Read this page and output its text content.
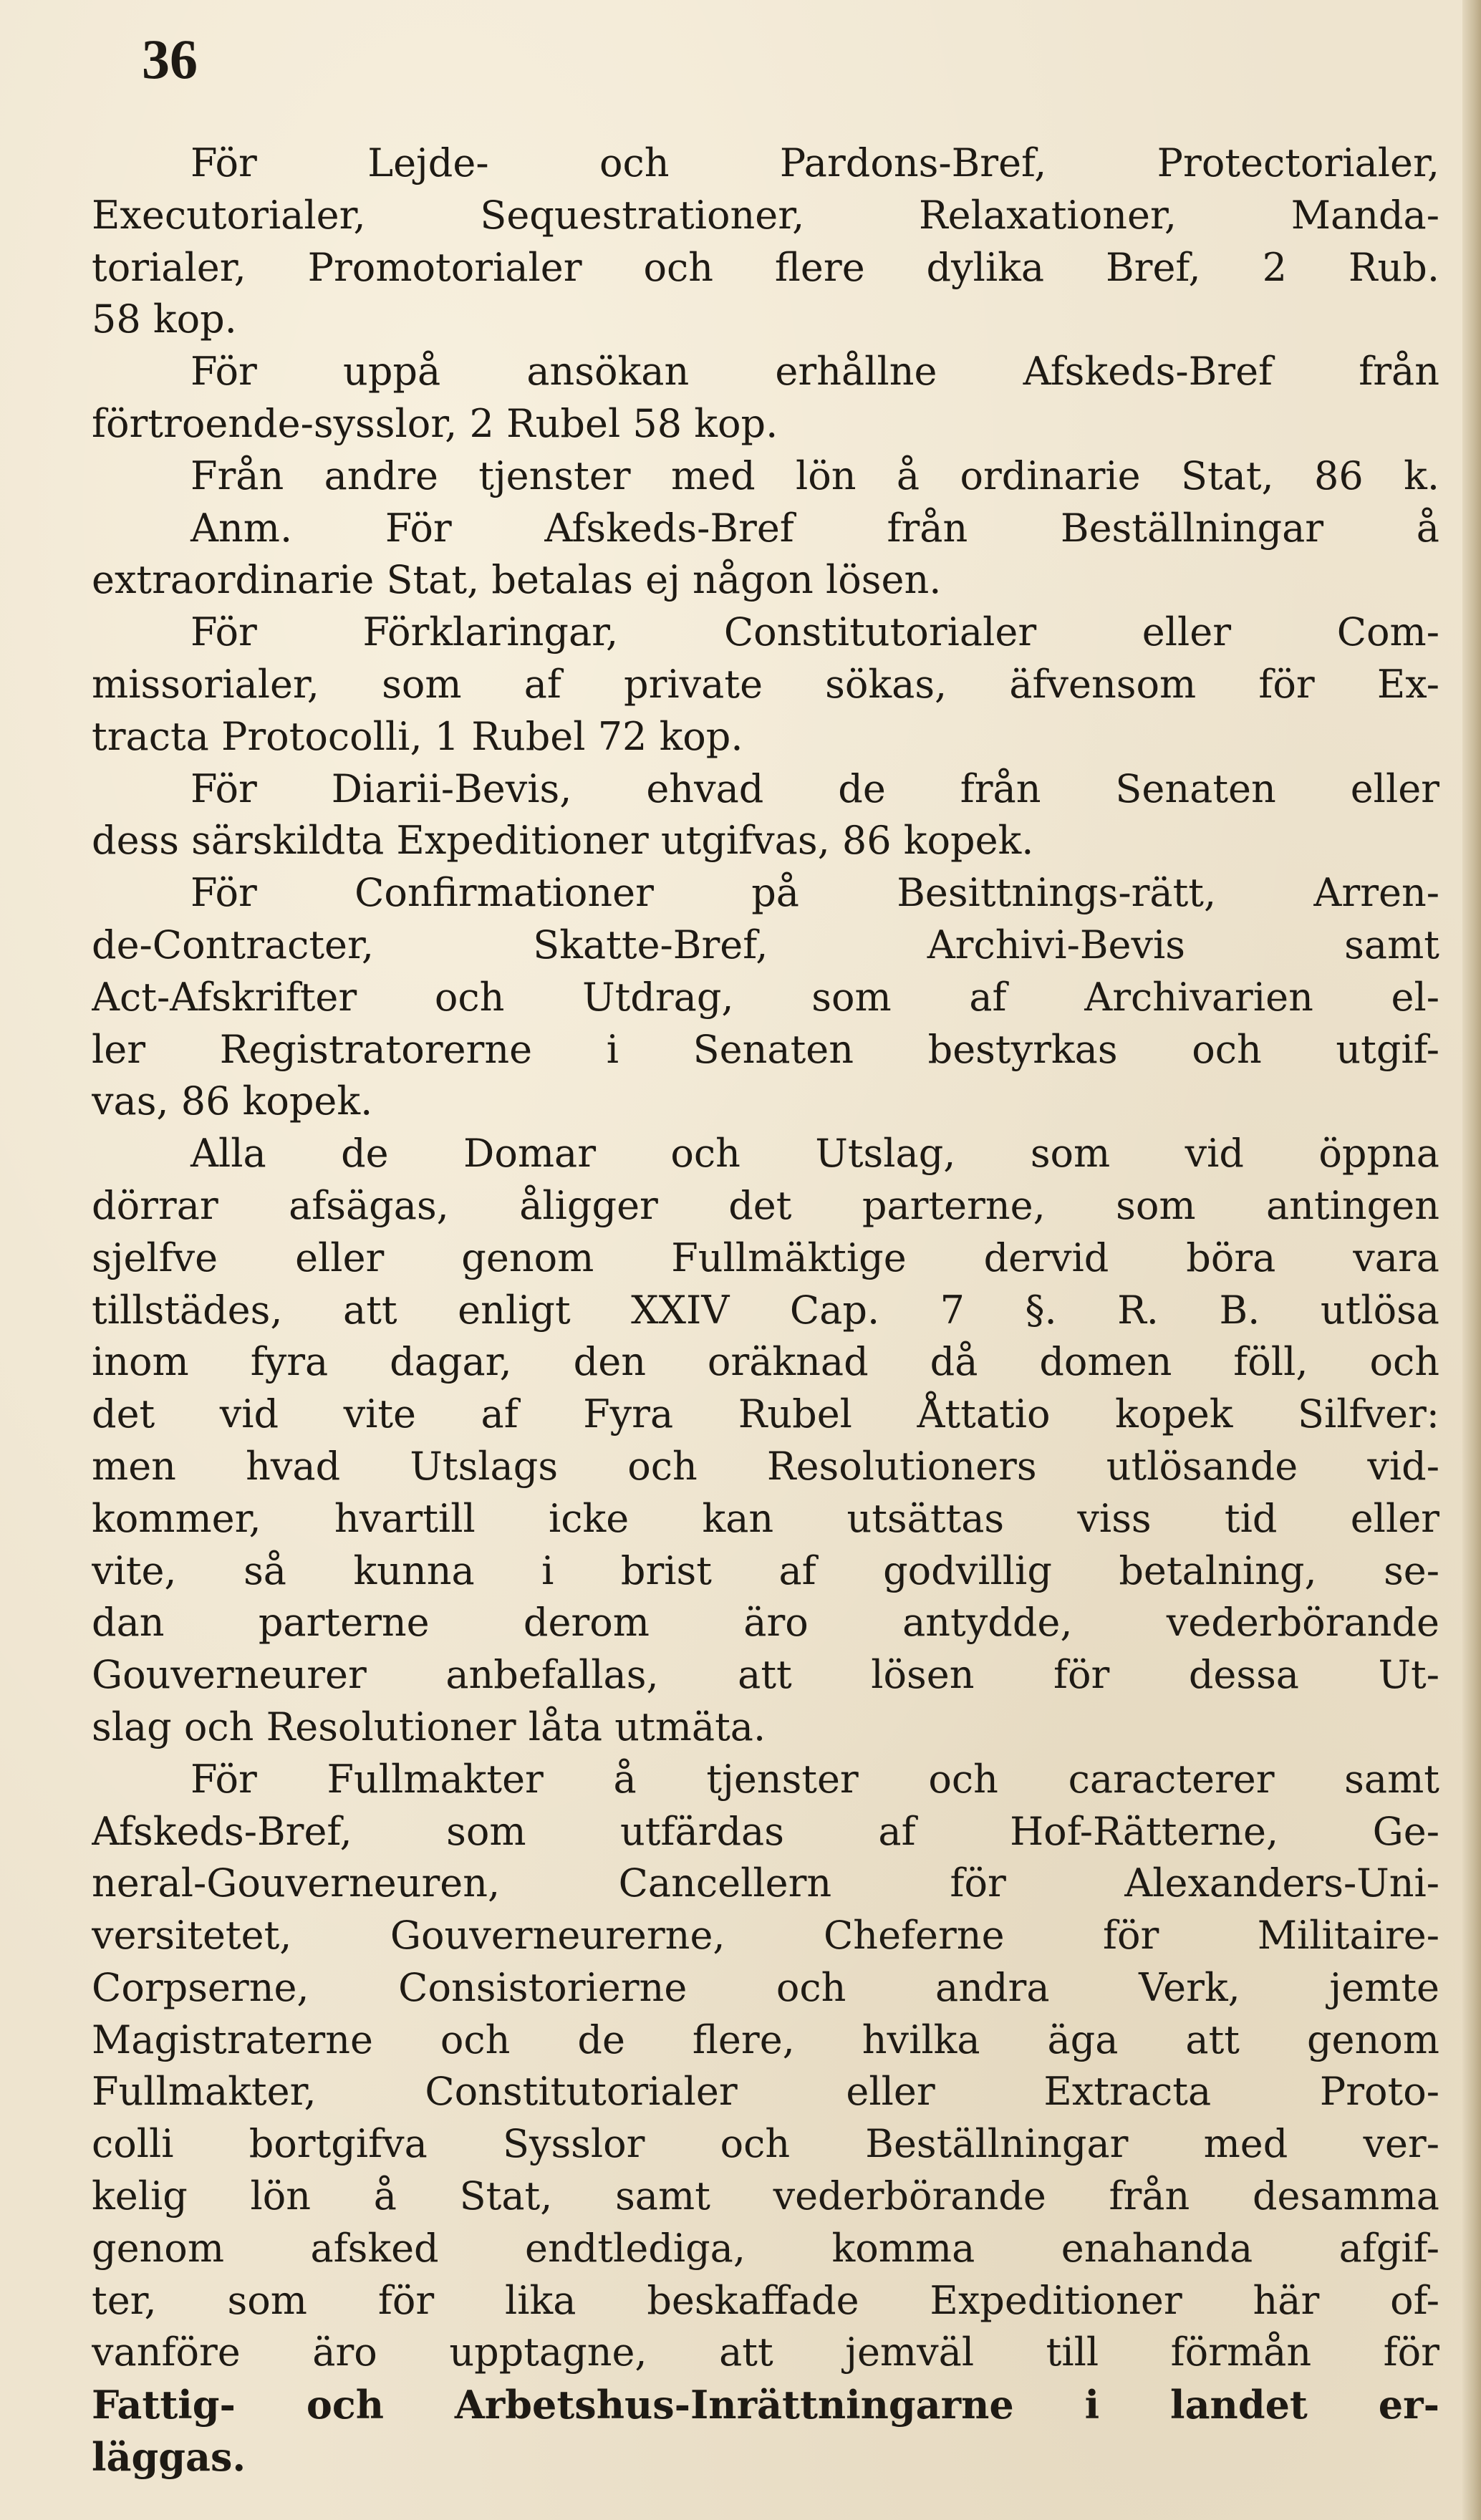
36
För Lejde- och Pardons-Bref, Protectorialer,
Executorialer, Sequestrationer, Relaxationer, Manda-
torialer, Promotorialer och flere dylika Bref, 2 Rub.
58 kop.
För uppå ansökan erhållne Afskeds-Bref från
förtroende-sysslor, 2 Rubel 58 kop.
Från andre tjenster med lön å ordinarie Stat, 86 k.
Anm. För Afskeds-Bref från Beställningar å
extraordinarie Stat, betalas ej någon lösen.
För Förklaringar, Constitutorialer eller Com-
missorialer, som af private sökas, äfvensom för Ex-
tracta Protocolli, 1 Rubel 72 kop.
För Diarii-Bevis, ehvad de från Senaten eller
dess särskildta Expeditioner utgifvas, 86 kopek.
För Confirmationer på Besittnings-rätt, Arren-
de-Contracter, Skatte-Bref, Archivi-Bevis samt
Act-Afskrifter och Utdrag, som af Archivarien el-
ler Registratorerne i Senaten bestyrkas och utgif-
vas, 86 kopek.
Alla de Domar och Utslag, som vid öppna
dörrar afsägas, åligger det parterne, som antingen
sjelfve eller genom Fullmäktige dervid böra vara
tillstädes, att enligt XXIV Cap. 7 §. R. B. utlösa
inom fyra dagar, den oräknad då domen föll, och
det vid vite af Fyra Rubel Åttatio kopek Silfver:
men hvad Utslags och Resolutioners utlösande vid-
kommer, hvartill icke kan utsättas viss tid eller
vite, så kunna i brist af godvillig betalning, se-
dan parterne derom äro antydde, vederbörande
Gouverneurer anbefallas, att lösen för dessa Ut-
slag och Resolutioner låta utmäta.
För Fullmakter å tjenster och caracterer samt
Afskeds-Bref, som utfärdas af Hof-Rätterne, Ge-
neral-Gouverneuren, Cancellern för Alexanders-Uni-
versitetet, Gouverneurerne, Cheferne för Militaire-
Corpserne, Consistorierne och andra Verk, jemte
Magistraterne och de flere, hvilka äga att genom
Fullmakter, Constitutorialer eller Extracta Proto-
colli bortgifva Sysslor och Beställningar med ver-
kelig lön å Stat, samt vederbörande från desamma
genom afsked endtlediga, komma enahanda afgif-
ter, som för lika beskaffade Expeditioner här of-
vanföre äro upptagne, att jemväl till förmån för
Fattig- och Arbetshus-Inrättningarne i landet er-
läggas.
